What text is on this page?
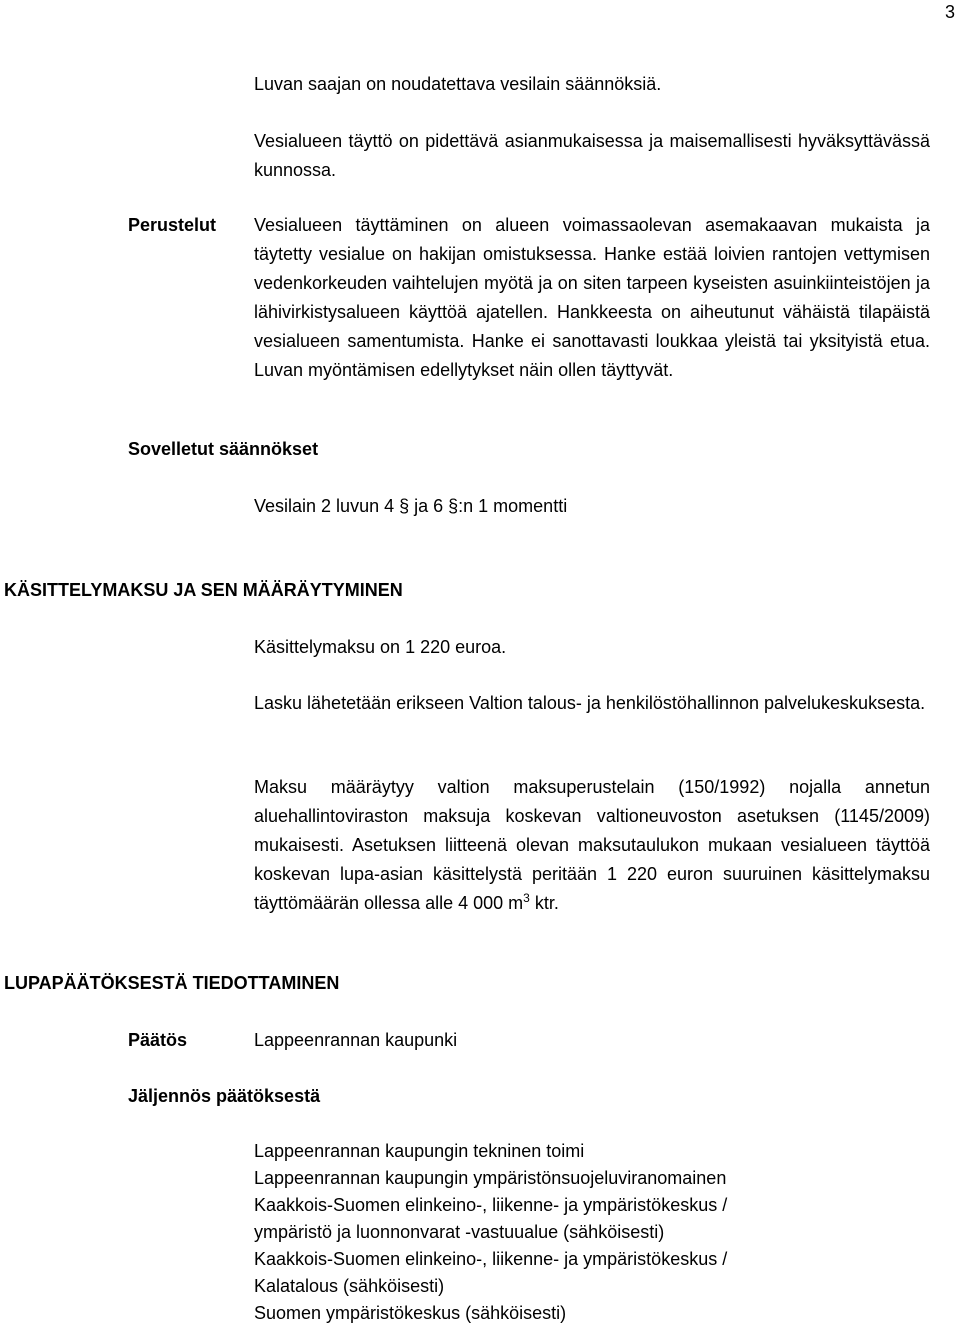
3

Luvan saajan on noudatettava vesilain säännöksiä.

Vesialueen täyttö on pidettävä asianmukaisessa ja maisemallisesti hyväksyttävässä kunnossa.

Perustelut Vesialueen täyttäminen on alueen voimassaolevan asemakaavan mukaista ja täytetty vesialue on hakijan omistuksessa. Hanke estää loivien rantojen vettymisen vedenkorkeuden vaihtelujen myötä ja on siten tarpeen kyseisten asuinkiinteistöjen ja lähivirkistysalueen käyttöä ajatellen. Hankkeesta on aiheutunut vähäistä tilapäistä vesialueen samentumista. Hanke ei sanottavasti loukkaa yleistä tai yksityistä etua. Luvan myöntämisen edellytykset näin ollen täyttyvät.

Sovelletut säännökset

Vesilain 2 luvun 4 § ja 6 §:n 1 momentti

KÄSITTELYMAKSU JA SEN MÄÄRÄYTYMINEN

Käsittelymaksu on 1 220 euroa.

Lasku lähetetään erikseen Valtion talous- ja henkilöstöhallinnon palvelukeskuksesta.

Maksu määräytyy valtion maksuperustelain (150/1992) nojalla annetun aluehallintoviraston maksuja koskevan valtioneuvoston asetuksen (1145/2009) mukaisesti. Asetuksen liitteenä olevan maksutaulukon mukaan vesialueen täyttöä koskevan lupa-asian käsittelystä peritään 1 220 euron suuruinen käsittelymaksu täyttömäärän ollessa alle 4 000 $m^3$ ktr.

LUPAPÄÄTÖKSESTÄ TIEDOTTAMINEN
Päätös	Lappeenrannan kaupunki

Jäljennös päätöksestä
Lappeenrannan kaupungin tekninen toimi
Lappeenrannan kaupungin ympäristönsuojeluviranomainen
Kaakkois-Suomen elinkeino-, liikenne- ja ympäristökeskus /
ympäristö ja luonnonvarat -vastuualue (sähköisesti)
Kaakkois-Suomen elinkeino-, liikenne- ja ympäristökeskus /
Kalatalous (sähköisesti)
Suomen ympäristökeskus (sähköisesti)
